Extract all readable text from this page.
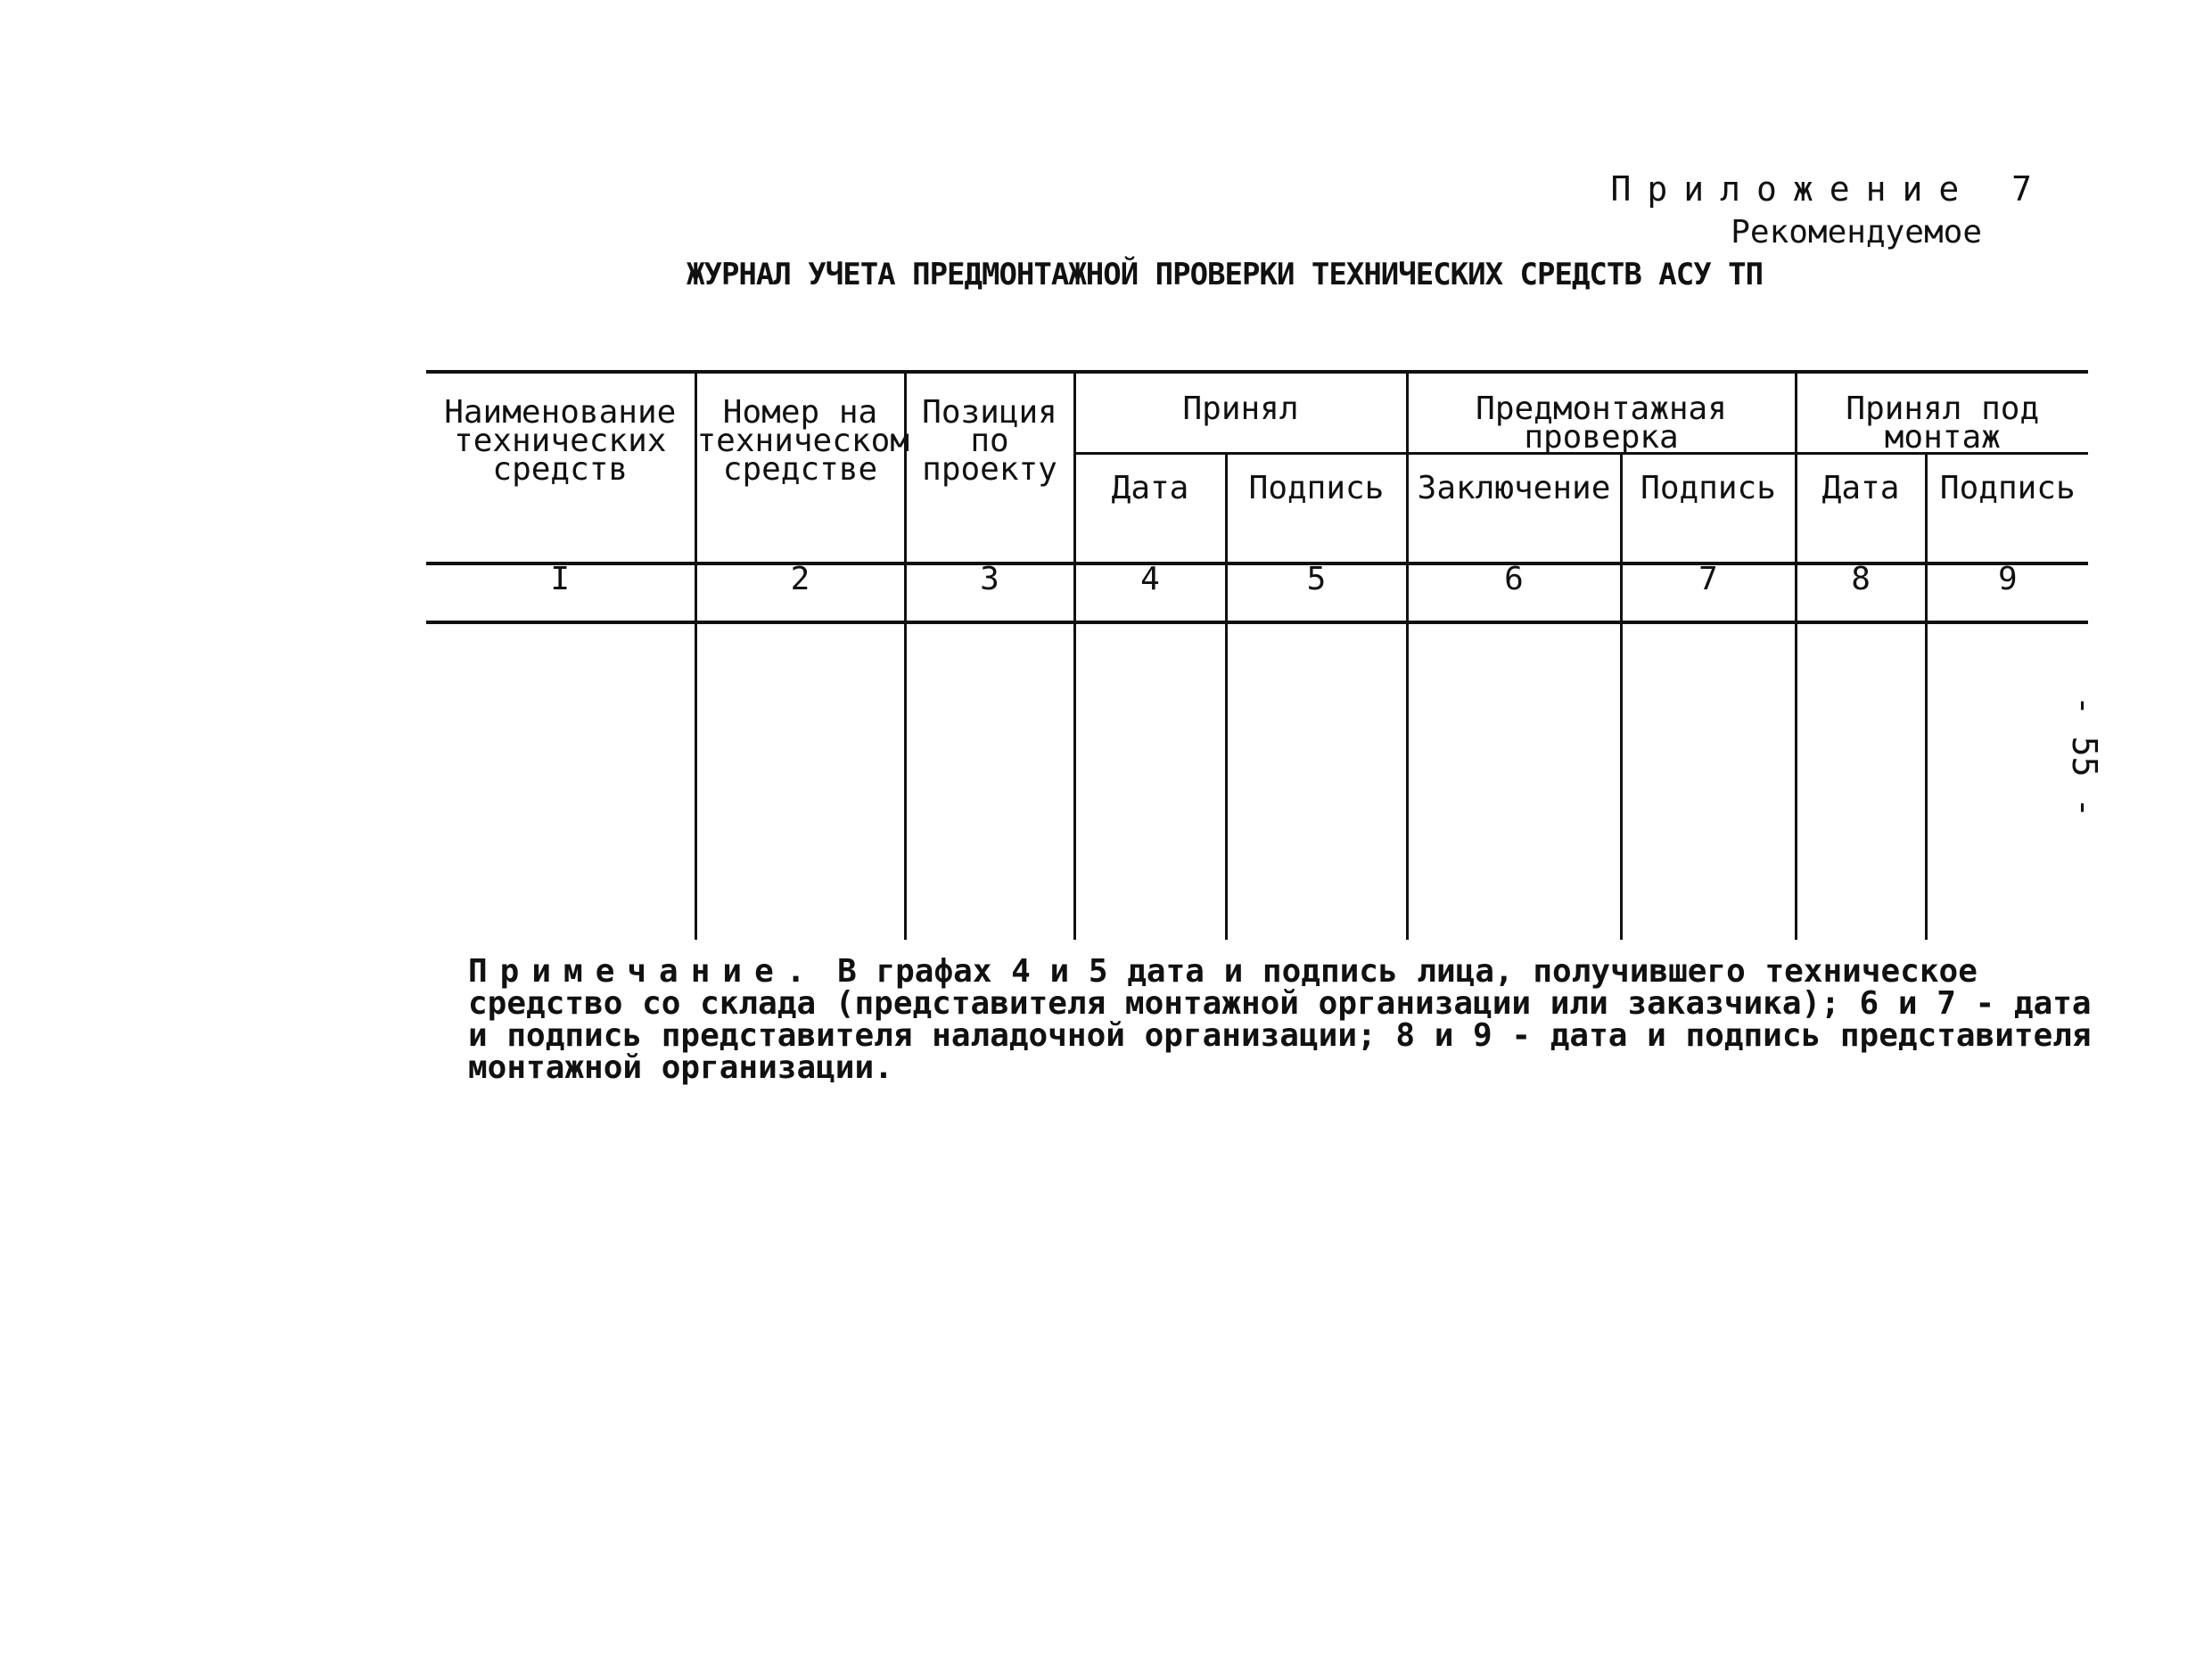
Приложение 7
Рекомендуемое
ЖУРНАЛ УЧЕТА ПРЕДМОНТАЖНОЙ ПРОВЕРКИ ТЕХНИЧЕСКИХ СРЕДСТВ АСУ ТП
Наименование технических средств	Номер на техническом средстве	Позиция по проекту	Принял		Предмонтажная проверка		Принял под монтаж	
			Дата	Подпись	Заключение	Подпись	Дата	Подпись
I	2	3	4	5	6	7	8	9

Примечание. В графах 4 и 5 дата и подпись лица, получившего техническое средство со склада (представителя монтажной организации или заказчика); 6 и 7 - дата и подпись представителя наладочной организации; 8 и 9 - дата и подпись представителя монтажной организации.
- 55 -
